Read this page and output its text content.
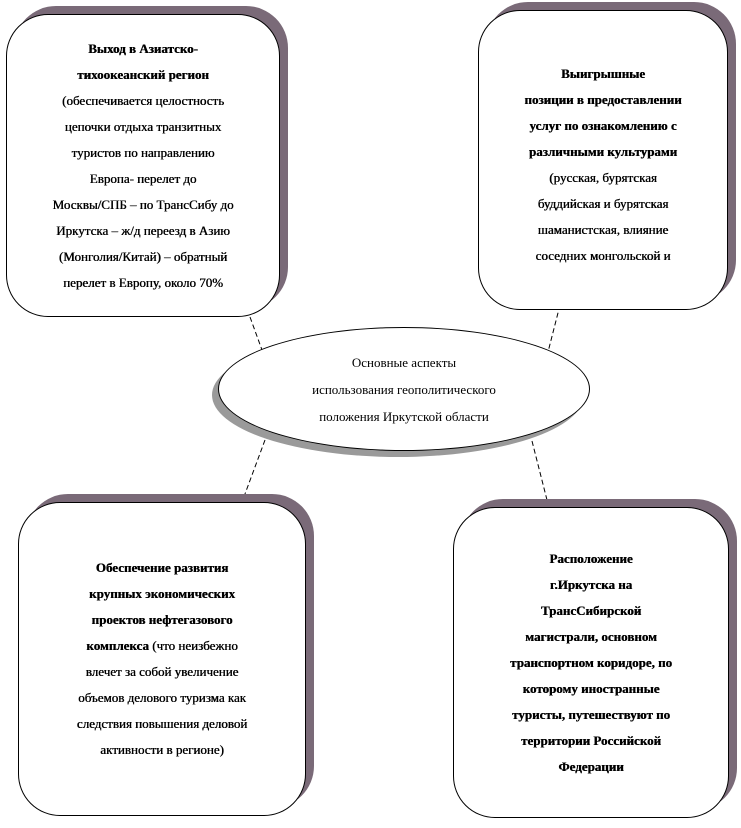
Выход в Азиатско-
тихоокеанский регион
(обеспечивается целостность
цепочки отдыха транзитных
туристов по направлению
Европа- перелет до
Москвы/СПБ – по ТрансСибу до
Иркутска – ж/д переезд в Азию
(Монголия/Китай) – обратный
перелет в Европу, около 70%
Выигрышные
позиции в предоставлении
услуг по ознакомлению с
различными культурами
(русская, бурятская
буддийская и бурятская
шаманистская, влияние
соседних монгольской и
Основные аспекты
использования геополитического
положения Иркутской области
Обеспечение развития
крупных экономических
проектов нефтегазового
комплекса (что неизбежно
влечет за собой увеличение
объемов делового туризма как
следствия повышения деловой
активности в регионе)
Расположение
г.Иркутска на
ТрансСибирской
магистрали, основном
транспортном коридоре, по
которому иностранные
туристы, путешествуют по
территории Российской
Федерации
